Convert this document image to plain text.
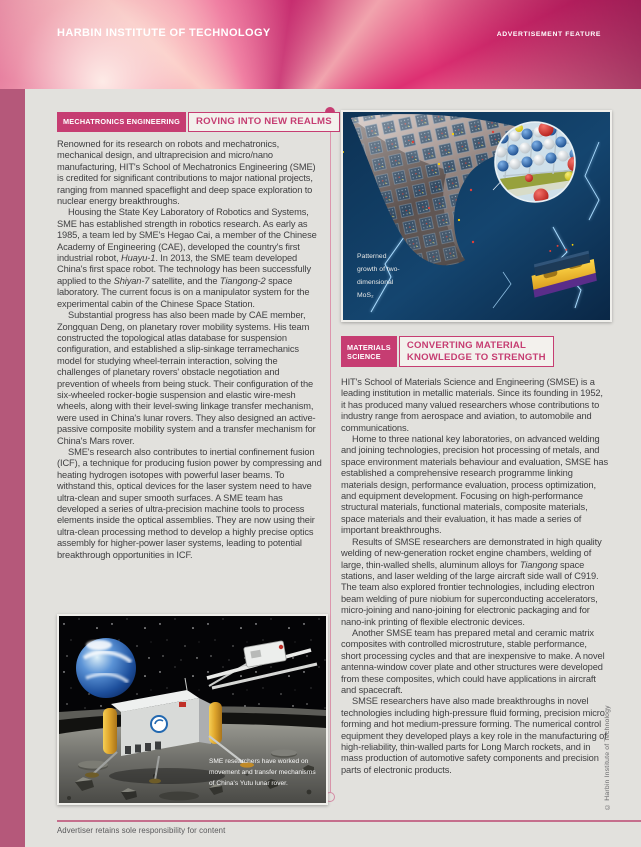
HARBIN INSTITUTE OF TECHNOLOGY	ADVERTISEMENT FEATURE
MECHATRONICS ENGINEERING ROVING INTO NEW REALMS

Renowned for its research on robots and mechatronics, mechanical design, and ultraprecision and micro/nano manufacturing, HIT's School of Mechatronics Engineering (SME) is credited for significant contributions to major national projects, ranging from manned spaceflight and deep space exploration to nuclear energy breakthroughs.

Housing the State Key Laboratory of Robotics and Systems, SME has established strength in robotics research. As early as 1985, a team led by SME's Hegao Cai, a member of the Chinese Academy of Engineering (CAE), developed the country's first industrial robot, Huayu-1. In 2013, the SME team developed China's first space robot. The technology has been successfully applied to the Shiyan-7 satellite, and the Tiangong-2 space laboratory. The current focus is on a manipulator system for the experimental cabin of the Chinese Space Station.

Substantial progress has also been made by CAE member, Zongquan Deng, on planetary rover mobility systems. His team constructed the topological atlas database for suspension configuration, and established a slip-sinkage terramechanics model for studying wheel-terrain interaction, solving the challenges of planetary rovers' obstacle negotiation and prevention of wheels from being stuck. Their configuration of the six-wheeled rocker-bogie suspension and elastic wire-mesh wheels, along with their level-swing linkage transfer mechanism, were used in China's lunar rovers. They also designed an active-passive composite mobility system and a transfer mechanism for China's Mars rover.

SME's research also contributes to inertial confinement fusion (ICF), a technique for producing fusion power by compressing and heating hydrogen isotopes with powerful laser beams. To withstand this, optical devices for the laser system need to have ultra-clean and super smooth surfaces. A SME team has developed a series of ultra-precision machine tools to process elements inside the optical assemblies. They are now using their ultra-clean processing method to develop a highly precise optics assembly for higher-power laser systems, leading to potential breakthrough opportunities in ICF.

SME researchers have worked on
movement and transfer mechanisms
of China's Yutu lunar rover.
Patterned
growth of two-
dimensional
MoS₂
MATERIALS
SCIENCE
CONVERTING MATERIAL
KNOWLEDGE TO STRENGTH

HIT's School of Materials Science and Engineering (SMSE) is a leading institution in metallic materials. Since its founding in 1952, it has produced many valued researchers whose contributions to industry range from aerospace and aviation, to automobile and communications.

Home to three national key laboratories, on advanced welding and joining technologies, precision hot processing of metals, and space environment materials behaviour and evaluation, SMSE has established a comprehensive research programme linking materials design, performance evaluation, process optimization, and equipment development. Focusing on high-performance structural materials, functional materials, composite materials, space materials and their evaluation, it has made a series of important breakthroughs.

Results of SMSE researchers are demonstrated in high quality welding of new-generation rocket engine chambers, welding of large, thin-walled shells, aluminum alloys for Tiangong space stations, and laser welding of the large aircraft side wall of C919. The team also explored frontier technologies, including electron beam welding of pure niobium for superconducting accelerators, micro-joining and nano-joining for electronic packaging and for nano-ink printing of flexible electronic devices.

Another SMSE team has prepared metal and ceramic matrix composites with controlled microstruture, stable performance, short processing cycles and that are inexpensive to make. A novel antenna-window cover plate and other structures were developed from these composites, which could have applications in aircraft and spacecraft.

SMSE researchers have also made breakthroughs in novel technologies including high-pressure fluid forming, precision micro forming and hot medium-pressure forming. The numerical control equipment they developed plays a key role in the manufacturing of high-reliability, thin-walled parts for Long March rockets, and in mass production of automotive safety components and precision parts of electronic products.

Advertiser retains sole responsibility for content
© Harbin Institute of Technology
